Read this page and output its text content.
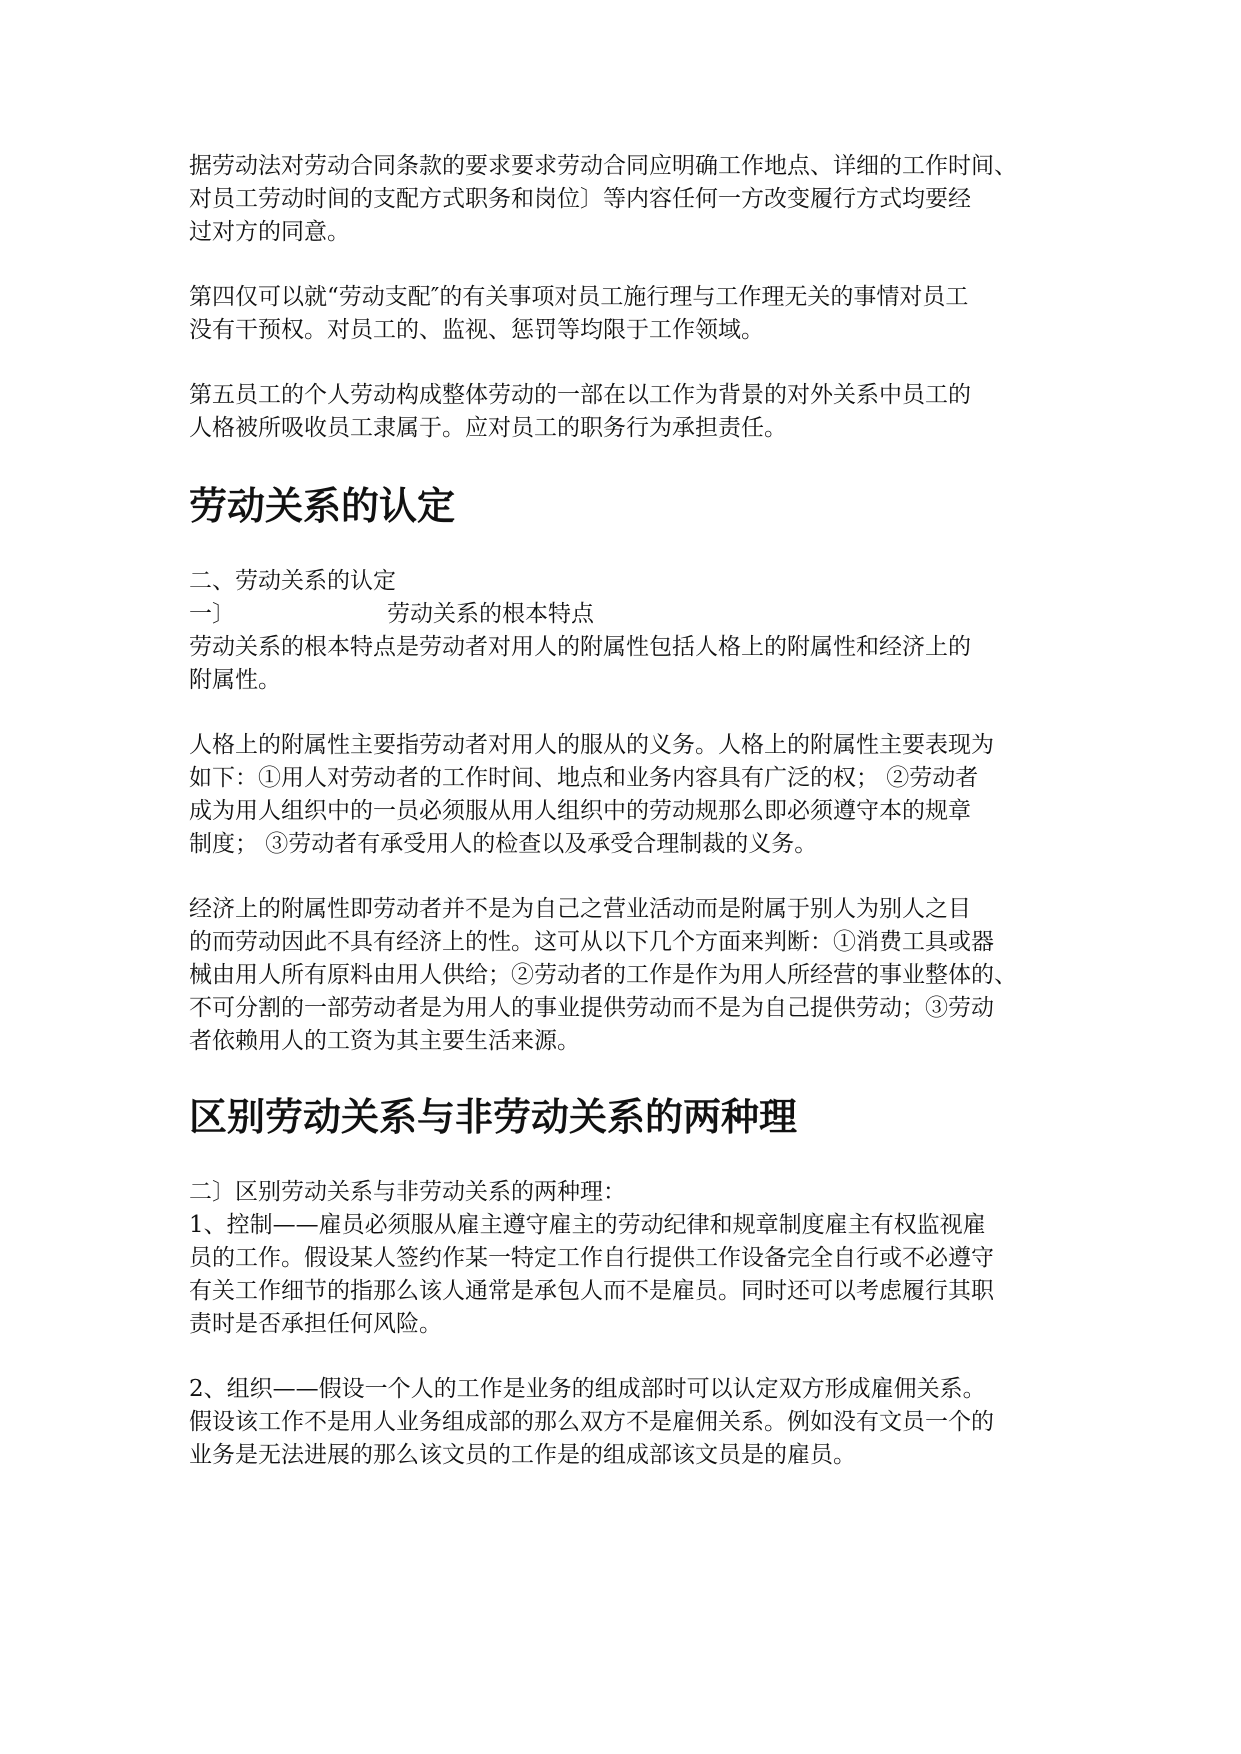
据劳动法对劳动合同条款的要求要求劳动合同应明确工作地点、详细的工作时间、
对员工劳动时间的支配方式职务和岗位〕等内容任何一方改变履行方式均要经
过对方的同意。
第四仅可以就“劳动支配″的有关事项对员工施行理与工作理无关的事情对员工
没有干预权。对员工的、监视、惩罚等均限于工作领域。
第五员工的个人劳动构成整体劳动的一部在以工作为背景的对外关系中员工的
人格被所吸收员工隶属于。应对员工的职务行为承担责任。
劳动关系的认定
二、劳动关系的认定
一〕	劳动关系的根本特点
劳动关系的根本特点是劳动者对用人的附属性包括人格上的附属性和经济上的
附属性。
人格上的附属性主要指劳动者对用人的服从的义务。人格上的附属性主要表现为
如下：①用人对劳动者的工作时间、地点和业务内容具有广泛的权； ②劳动者
成为用人组织中的一员必须服从用人组织中的劳动规那么即必须遵守本的规章
制度； ③劳动者有承受用人的检查以及承受合理制裁的义务。
经济上的附属性即劳动者并不是为自己之营业活动而是附属于别人为别人之目
的而劳动因此不具有经济上的性。这可从以下几个方面来判断：①消费工具或器
械由用人所有原料由用人供给；②劳动者的工作是作为用人所经营的事业整体的、
不可分割的一部劳动者是为用人的事业提供劳动而不是为自己提供劳动；③劳动
者依赖用人的工资为其主要生活来源。
区别劳动关系与非劳动关系的两种理
二〕区别劳动关系与非劳动关系的两种理：
1、控制——雇员必须服从雇主遵守雇主的劳动纪律和规章制度雇主有权监视雇
员的工作。假设某人签约作某一特定工作自行提供工作设备完全自行或不必遵守
有关工作细节的指那么该人通常是承包人而不是雇员。同时还可以考虑履行其职
责时是否承担任何风险。
2、组织——假设一个人的工作是业务的组成部时可以认定双方形成雇佣关系。
假设该工作不是用人业务组成部的那么双方不是雇佣关系。例如没有文员一个的
业务是无法进展的那么该文员的工作是的组成部该文员是的雇员。
